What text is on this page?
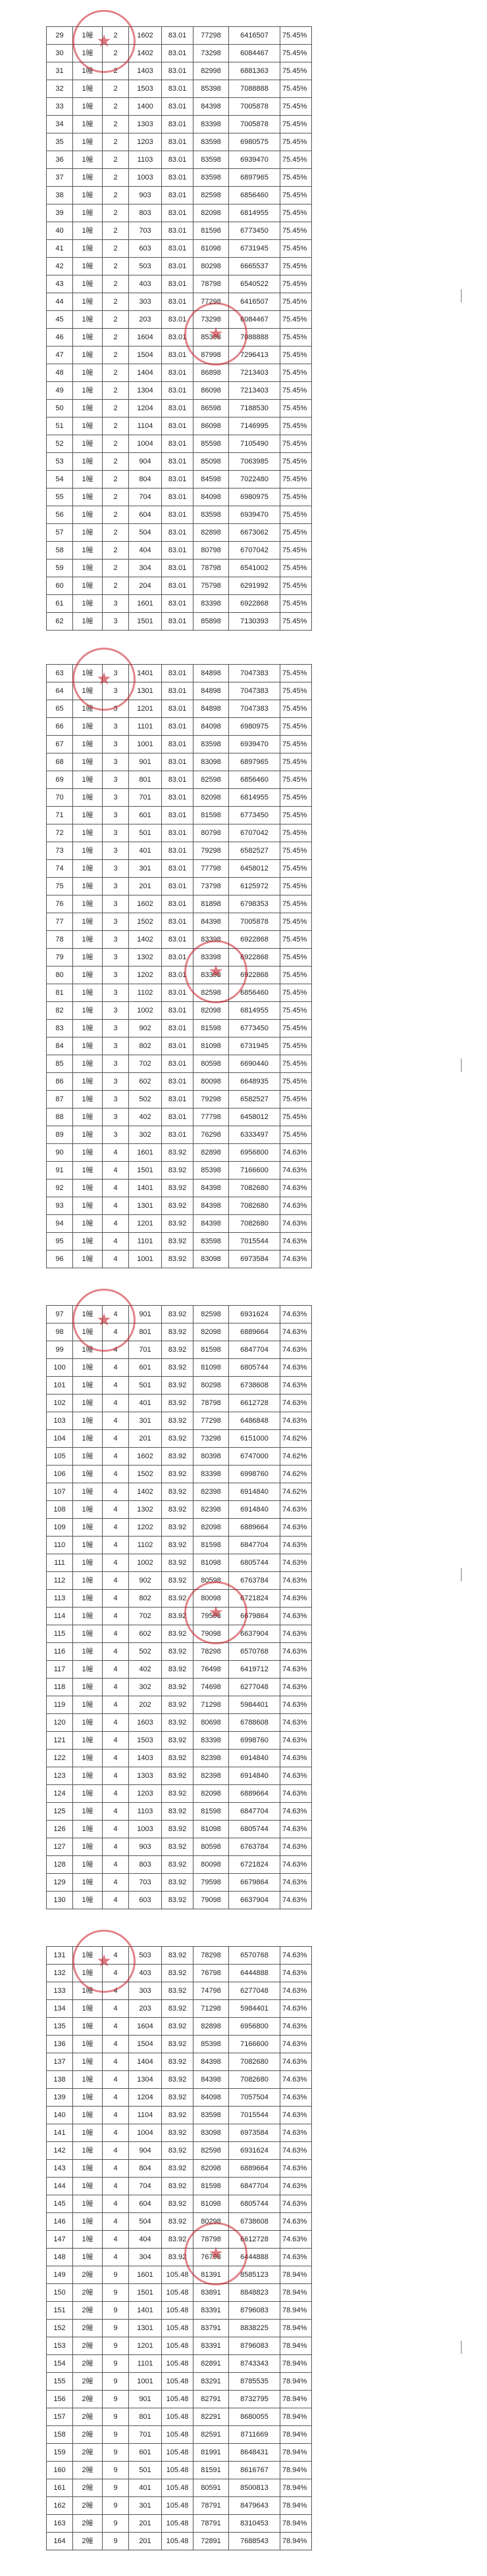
29	1幢	2	1602	83.01	77298	6416507	75.45%
30	1幢	2	1402	83.01	73298	6084467	75.45%
31	1幢	2	1403	83.01	82998	6881363	75.45%
32	1幢	2	1503	83.01	85398	7088888	75.45%
33	1幢	2	1400	83.01	84398	7005878	75.45%
34	1幢	2	1303	83.01	83398	7005878	75.45%
35	1幢	2	1203	83.01	83598	6980575	75.45%
36	1幢	2	1103	83.01	83598	6939470	75.45%
37	1幢	2	1003	83.01	83598	6897965	75.45%
38	1幢	2	903	83.01	82598	6856460	75.45%
39	1幢	2	803	83.01	82098	6814955	75.45%
40	1幢	2	703	83.01	81598	6773450	75.45%
41	1幢	2	603	83.01	81098	6731945	75.45%
42	1幢	2	503	83.01	80298	6665537	75.45%
43	1幢	2	403	83.01	78798	6540522	75.45%
44	1幢	2	303	83.01	77298	6416507	75.45%
45	1幢	2	203	83.01	73298	6084467	75.45%
46	1幢	2	1604	83.01	85398	7088888	75.45%
47	1幢	2	1504	83.01	87998	7296413	75.45%
48	1幢	2	1404	83.01	86898	7213403	75.45%
49	1幢	2	1304	83.01	86098	7213403	75.45%
50	1幢	2	1204	83.01	86598	7188530	75.45%
51	1幢	2	1104	83.01	86098	7146995	75.45%
52	1幢	2	1004	83.01	85598	7105490	75.45%
53	1幢	2	904	83.01	85098	7063985	75.45%
54	1幢	2	804	83.01	84598	7022480	75.45%
55	1幢	2	704	83.01	84098	6980975	75.45%
56	1幢	2	604	83.01	83598	6939470	75.45%
57	1幢	2	504	83.01	82898	6673062	75.45%
58	1幢	2	404	83.01	80798	6707042	75.45%
59	1幢	2	304	83.01	78798	6541002	75.45%
60	1幢	2	204	83.01	75798	6291992	75.45%
61	1幢	3	1601	83.01	83398	6922868	75.45%
62	1幢	3	1501	83.01	85898	7130393	75.45%
★
★
63	1幢	3	1401	83.01	84898	7047383	75.45%
64	1幢	3	1301	83.01	84898	7047383	75.45%
65	1幢	3	1201	83.01	84898	7047383	75.45%
66	1幢	3	1101	83.01	84098	6980975	75.45%
67	1幢	3	1001	83.01	83598	6939470	75.45%
68	1幢	3	901	83.01	83098	6897965	75.45%
69	1幢	3	801	83.01	82598	6856460	75.45%
70	1幢	3	701	83.01	82098	6814955	75.45%
71	1幢	3	601	83.01	81598	6773450	75.45%
72	1幢	3	501	83.01	80798	6707042	75.45%
73	1幢	3	401	83.01	79298	6582527	75.45%
74	1幢	3	301	83.01	77798	6458012	75.45%
75	1幢	3	201	83.01	73798	6125972	75.45%
76	1幢	3	1602	83.01	81898	6798353	75.45%
77	1幢	3	1502	83.01	84398	7005878	75.45%
78	1幢	3	1402	83.01	83398	6922868	75.45%
79	1幢	3	1302	83.01	83398	6922868	75.45%
80	1幢	3	1202	83.01	83398	6922868	75.45%
81	1幢	3	1102	83.01	82598	6856460	75.45%
82	1幢	3	1002	83.01	82098	6814955	75.45%
83	1幢	3	902	83.01	81598	6773450	75.45%
84	1幢	3	802	83.01	81098	6731945	75.45%
85	1幢	3	702	83.01	80598	6690440	75.45%
86	1幢	3	602	83.01	80098	6648935	75.45%
87	1幢	3	502	83.01	79298	6582527	75.45%
88	1幢	3	402	83.01	77798	6458012	75.45%
89	1幢	3	302	83.01	76298	6333497	75.45%
90	1幢	4	1601	83.92	82898	6956800	74.63%
91	1幢	4	1501	83.92	85398	7166600	74.63%
92	1幢	4	1401	83.92	84398	7082680	74.63%
93	1幢	4	1301	83.92	84398	7082680	74.63%
94	1幢	4	1201	83.92	84398	7082680	74.63%
95	1幢	4	1101	83.92	83598	7015544	74.63%
96	1幢	4	1001	83.92	83098	6973584	74.63%
★
★
97	1幢	4	901	83.92	82598	6931624	74.63%
98	1幢	4	801	83.92	82098	6889664	74.63%
99	1幢	4	701	83.92	81598	6847704	74.63%
100	1幢	4	601	83.92	81098	6805744	74.63%
101	1幢	4	501	83.92	80298	6738608	74.63%
102	1幢	4	401	83.92	78798	6612728	74.63%
103	1幢	4	301	83.92	77298	6486848	74.63%
104	1幢	4	201	83.92	73298	6151000	74.62%
105	1幢	4	1602	83.92	80398	6747000	74.62%
106	1幢	4	1502	83.92	83398	6998760	74.62%
107	1幢	4	1402	83.92	82398	6914840	74.62%
108	1幢	4	1302	83.92	82398	6914840	74.63%
109	1幢	4	1202	83.92	82098	6889664	74.63%
110	1幢	4	1102	83.92	81598	6847704	74.63%
111	1幢	4	1002	83.92	81098	6805744	74.63%
112	1幢	4	902	83.92	80598	6763784	74.63%
113	1幢	4	802	83.92	80098	6721824	74.63%
114	1幢	4	702	83.92	79598	6679864	74.63%
115	1幢	4	602	83.92	79098	6637904	74.63%
116	1幢	4	502	83.92	78298	6570768	74.63%
117	1幢	4	402	83.92	76498	6419712	74.63%
118	1幢	4	302	83.92	74698	6277048	74.63%
119	1幢	4	202	83.92	71298	5984401	74.63%
120	1幢	4	1603	83.92	80698	6788608	74.63%
121	1幢	4	1503	83.92	83398	6998760	74.63%
122	1幢	4	1403	83.92	82398	6914840	74.63%
123	1幢	4	1303	83.92	82398	6914840	74.63%
124	1幢	4	1203	83.92	82098	6889664	74.63%
125	1幢	4	1103	83.92	81598	6847704	74.63%
126	1幢	4	1003	83.92	81098	6805744	74.63%
127	1幢	4	903	83.92	80598	6763784	74.63%
128	1幢	4	803	83.92	80098	6721824	74.63%
129	1幢	4	703	83.92	79598	6679864	74.63%
130	1幢	4	603	83.92	79098	6637904	74.63%
★
★
131	1幢	4	503	83.92	78298	6570768	74.63%
132	1幢	4	403	83.92	76798	6444888	74.63%
133	1幢	4	303	83.92	74798	6277048	74.63%
134	1幢	4	203	83.92	71298	5984401	74.63%
135	1幢	4	1604	83.92	82898	6956800	74.63%
136	1幢	4	1504	83.92	85398	7166600	74.63%
137	1幢	4	1404	83.92	84398	7082680	74.63%
138	1幢	4	1304	83.92	84398	7082680	74.63%
139	1幢	4	1204	83.92	84098	7057504	74.63%
140	1幢	4	1104	83.92	83598	7015544	74.63%
141	1幢	4	1004	83.92	83098	6973584	74.63%
142	1幢	4	904	83.92	82598	6931624	74.63%
143	1幢	4	804	83.92	82098	6889664	74.63%
144	1幢	4	704	83.92	81598	6847704	74.63%
145	1幢	4	604	83.92	81098	6805744	74.63%
146	1幢	4	504	83.92	80298	6738608	74.63%
147	1幢	4	404	83.92	78798	6612728	74.63%
148	1幢	4	304	83.92	76798	6444888	74.63%
149	2幢	9	1601	105.48	81391	8585123	78.94%
150	2幢	9	1501	105.48	83891	8848823	78.94%
151	2幢	9	1401	105.48	83391	8796083	78.94%
152	2幢	9	1301	105.48	83791	8838225	78.94%
153	2幢	9	1201	105.48	83391	8796083	78.94%
154	2幢	9	1101	105.48	82891	8743343	78.94%
155	2幢	9	1001	105.48	83291	8785535	78.94%
156	2幢	9	901	105.48	82791	8732795	78.94%
157	2幢	9	801	105.48	82291	8680055	78.94%
158	2幢	9	701	105.48	82591	8711669	78.94%
159	2幢	9	601	105.48	81991	8648431	78.94%
160	2幢	9	501	105.48	81591	8616767	78.94%
161	2幢	9	401	105.48	80591	8500813	78.94%
162	2幢	9	301	105.48	78791	8479643	78.94%
163	2幢	9	201	105.48	78791	8310453	78.94%
164	2幢	9	201	105.48	72891	7688543	78.94%
★
★
